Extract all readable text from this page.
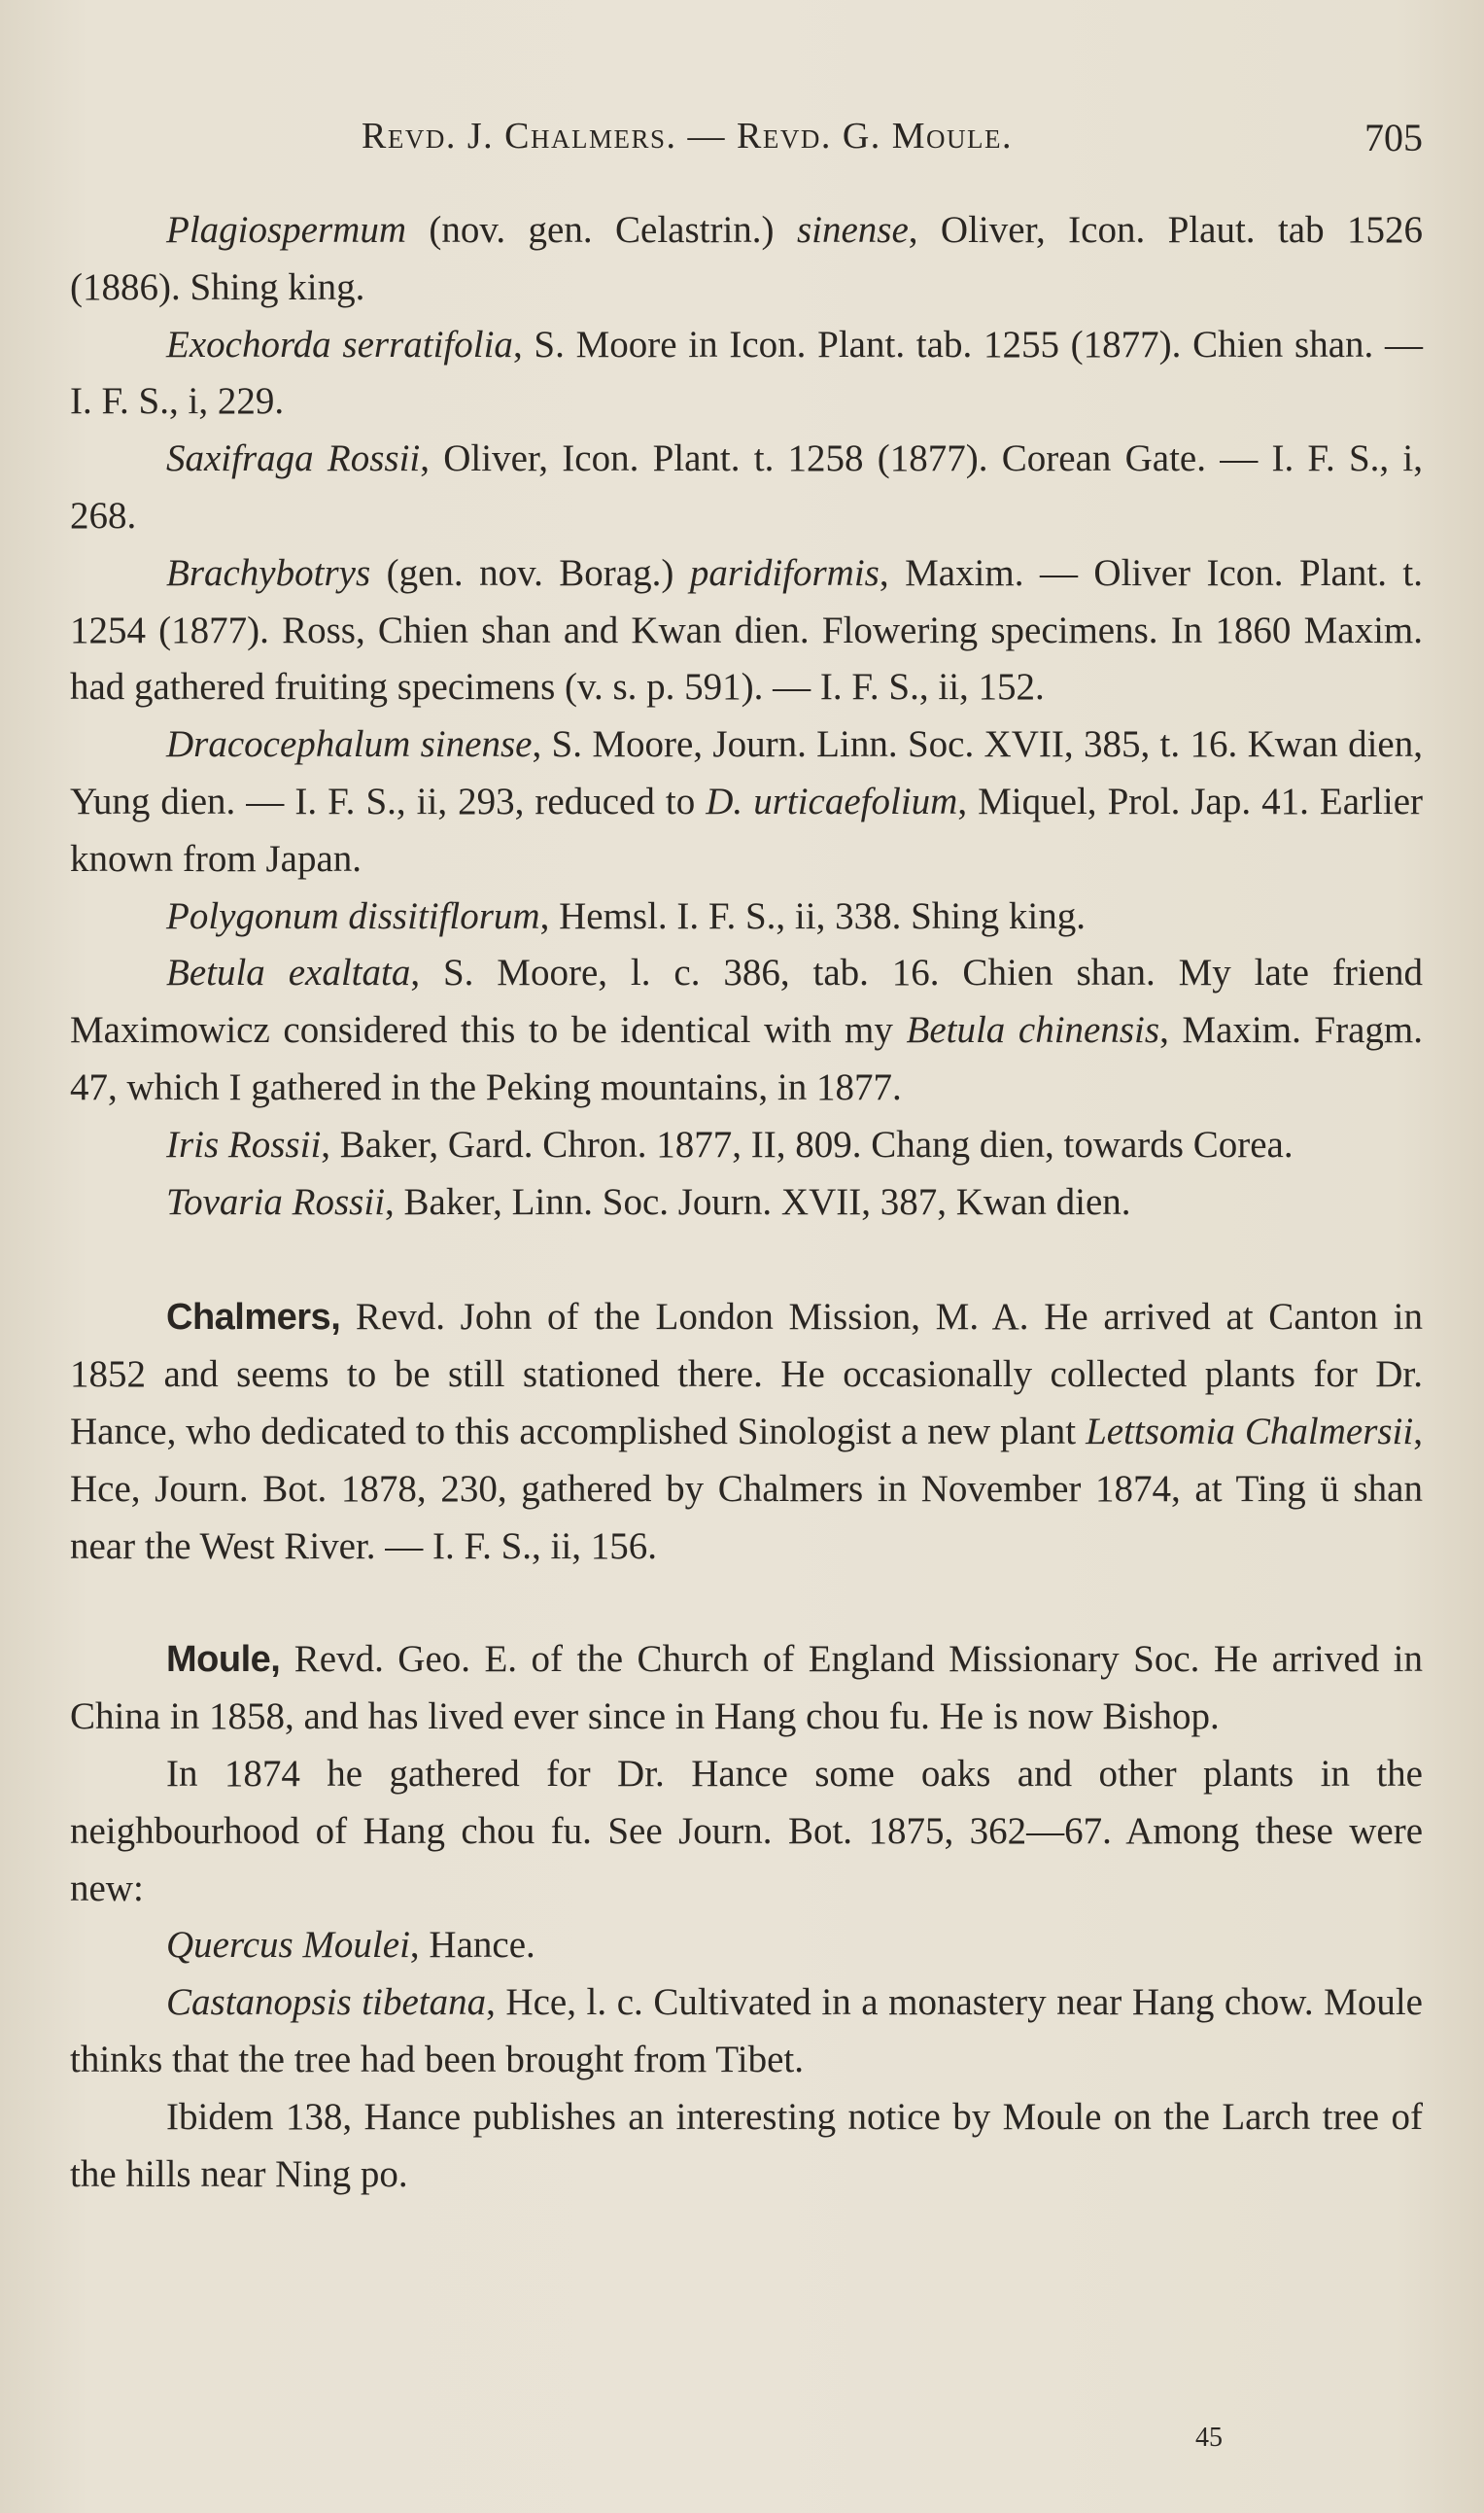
Revd. J. Chalmers. — Revd. G. Moule.	705

Plagiospermum (nov. gen. Celastrin.) sinense, Oliver, Icon. Plaut. tab 1526 (1886). Shing king.

Exochorda serratifolia, S. Moore in Icon. Plant. tab. 1255 (1877). Chien shan. — I. F. S., i, 229.

Saxifraga Rossii, Oliver, Icon. Plant. t. 1258 (1877). Corean Gate. — I. F. S., i, 268.

Brachybotrys (gen. nov. Borag.) paridiformis, Maxim. — Oliver Icon. Plant. t. 1254 (1877). Ross, Chien shan and Kwan dien. Flowering specimens. In 1860 Maxim. had gathered fruiting specimens (v. s. p. 591). — I. F. S., ii, 152.

Dracocephalum sinense, S. Moore, Journ. Linn. Soc. XVII, 385, t. 16. Kwan dien, Yung dien. — I. F. S., ii, 293, reduced to D. urticaefolium, Miquel, Prol. Jap. 41. Earlier known from Japan.

Polygonum dissitiflorum, Hemsl. I. F. S., ii, 338. Shing king.

Betula exaltata, S. Moore, l. c. 386, tab. 16. Chien shan. My late friend Maximowicz considered this to be identical with my Betula chinensis, Maxim. Fragm. 47, which I gathered in the Peking mountains, in 1877.

Iris Rossii, Baker, Gard. Chron. 1877, II, 809. Chang dien, towards Corea.

Tovaria Rossii, Baker, Linn. Soc. Journ. XVII, 387, Kwan dien.

Chalmers, Revd. John of the London Mission, M. A. He arrived at Canton in 1852 and seems to be still stationed there. He occasionally collected plants for Dr. Hance, who dedicated to this accomplished Sinologist a new plant Lettsomia Chalmersii, Hce, Journ. Bot. 1878, 230, gathered by Chalmers in November 1874, at Ting ü shan near the West River. — I. F. S., ii, 156.

Moule, Revd. Geo. E. of the Church of England Missionary Soc. He arrived in China in 1858, and has lived ever since in Hang chou fu. He is now Bishop.

In 1874 he gathered for Dr. Hance some oaks and other plants in the neighbourhood of Hang chou fu. See Journ. Bot. 1875, 362—67. Among these were new:

Quercus Moulei, Hance.

Castanopsis tibetana, Hce, l. c. Cultivated in a monastery near Hang chow. Moule thinks that the tree had been brought from Tibet.

Ibidem 138, Hance publishes an interesting notice by Moule on the Larch tree of the hills near Ning po.

45
